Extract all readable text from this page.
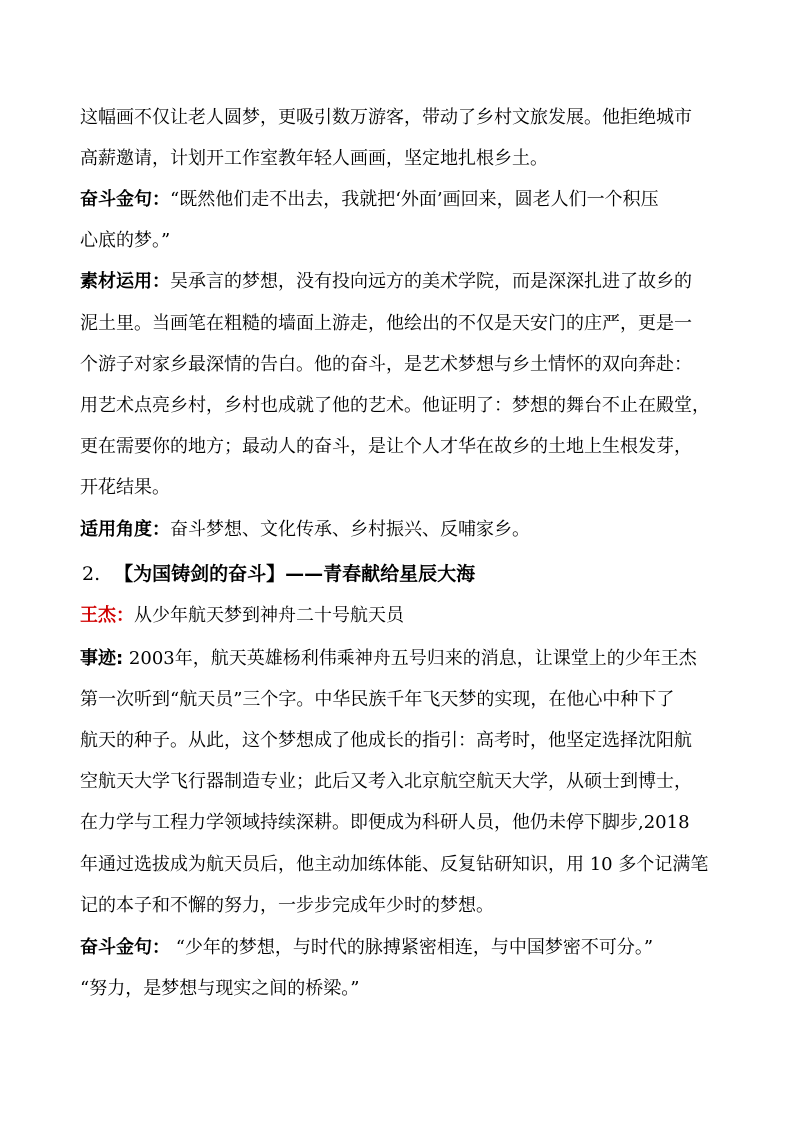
这幅画不仅让老人圆梦，更吸引数万游客，带动了乡村文旅发展。他拒绝城市
高薪邀请，计划开工作室教年轻人画画，坚定地扎根乡土。
奋斗金句：“既然他们走不出去，我就把‘外面’画回来，圆老人们一个积压
心底的梦。”
素材运用：吴承言的梦想，没有投向远方的美术学院，而是深深扎进了故乡的
泥土里。当画笔在粗糙的墙面上游走，他绘出的不仅是天安门的庄严，更是一
个游子对家乡最深情的告白。他的奋斗，是艺术梦想与乡土情怀的双向奔赴：
用艺术点亮乡村，乡村也成就了他的艺术。他证明了：梦想的舞台不止在殿堂，
更在需要你的地方；最动人的奋斗，是让个人才华在故乡的土地上生根发芽，
开花结果。
适用角度：奋斗梦想、文化传承、乡村振兴、反哺家乡。
2. 【为国铸剑的奋斗】——青春献给星辰大海
王杰：从少年航天梦到神舟二十号航天员
事迹: 2003年，航天英雄杨利伟乘神舟五号归来的消息，让课堂上的少年王杰
第一次听到“航天员”三个字。中华民族千年飞天梦的实现，在他心中种下了
航天的种子。从此，这个梦想成了他成长的指引：高考时，他坚定选择沈阳航
空航天大学飞行器制造专业；此后又考入北京航空航天大学，从硕士到博士，
在力学与工程力学领域持续深耕。即便成为科研人员，他仍未停下脚步,2018
年通过选拔成为航天员后，他主动加练体能、反复钻研知识，用 10 多个记满笔
记的本子和不懈的努力，一步步完成年少时的梦想。
奋斗金句： “少年的梦想，与时代的脉搏紧密相连，与中国梦密不可分。”
“努力，是梦想与现实之间的桥梁。”
